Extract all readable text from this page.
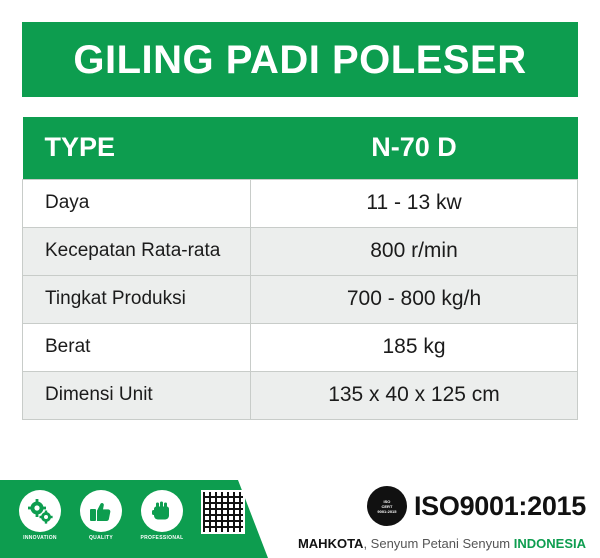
GILING PADI POLESER
TYPE	N-70 D
Daya	11 - 13 kw
Kecepatan Rata-rata	800 r/min
Tingkat Produksi	700 - 800 kg/h
Berat	185 kg
Dimensi Unit	135 x 40 x 125 cm
INNOVATION	QUALITY	PROFESSIONAL
ISO
CERT
9001:2015 ISO9001:2015
MAHKOTA, Senyum Petani Senyum INDONESIA
